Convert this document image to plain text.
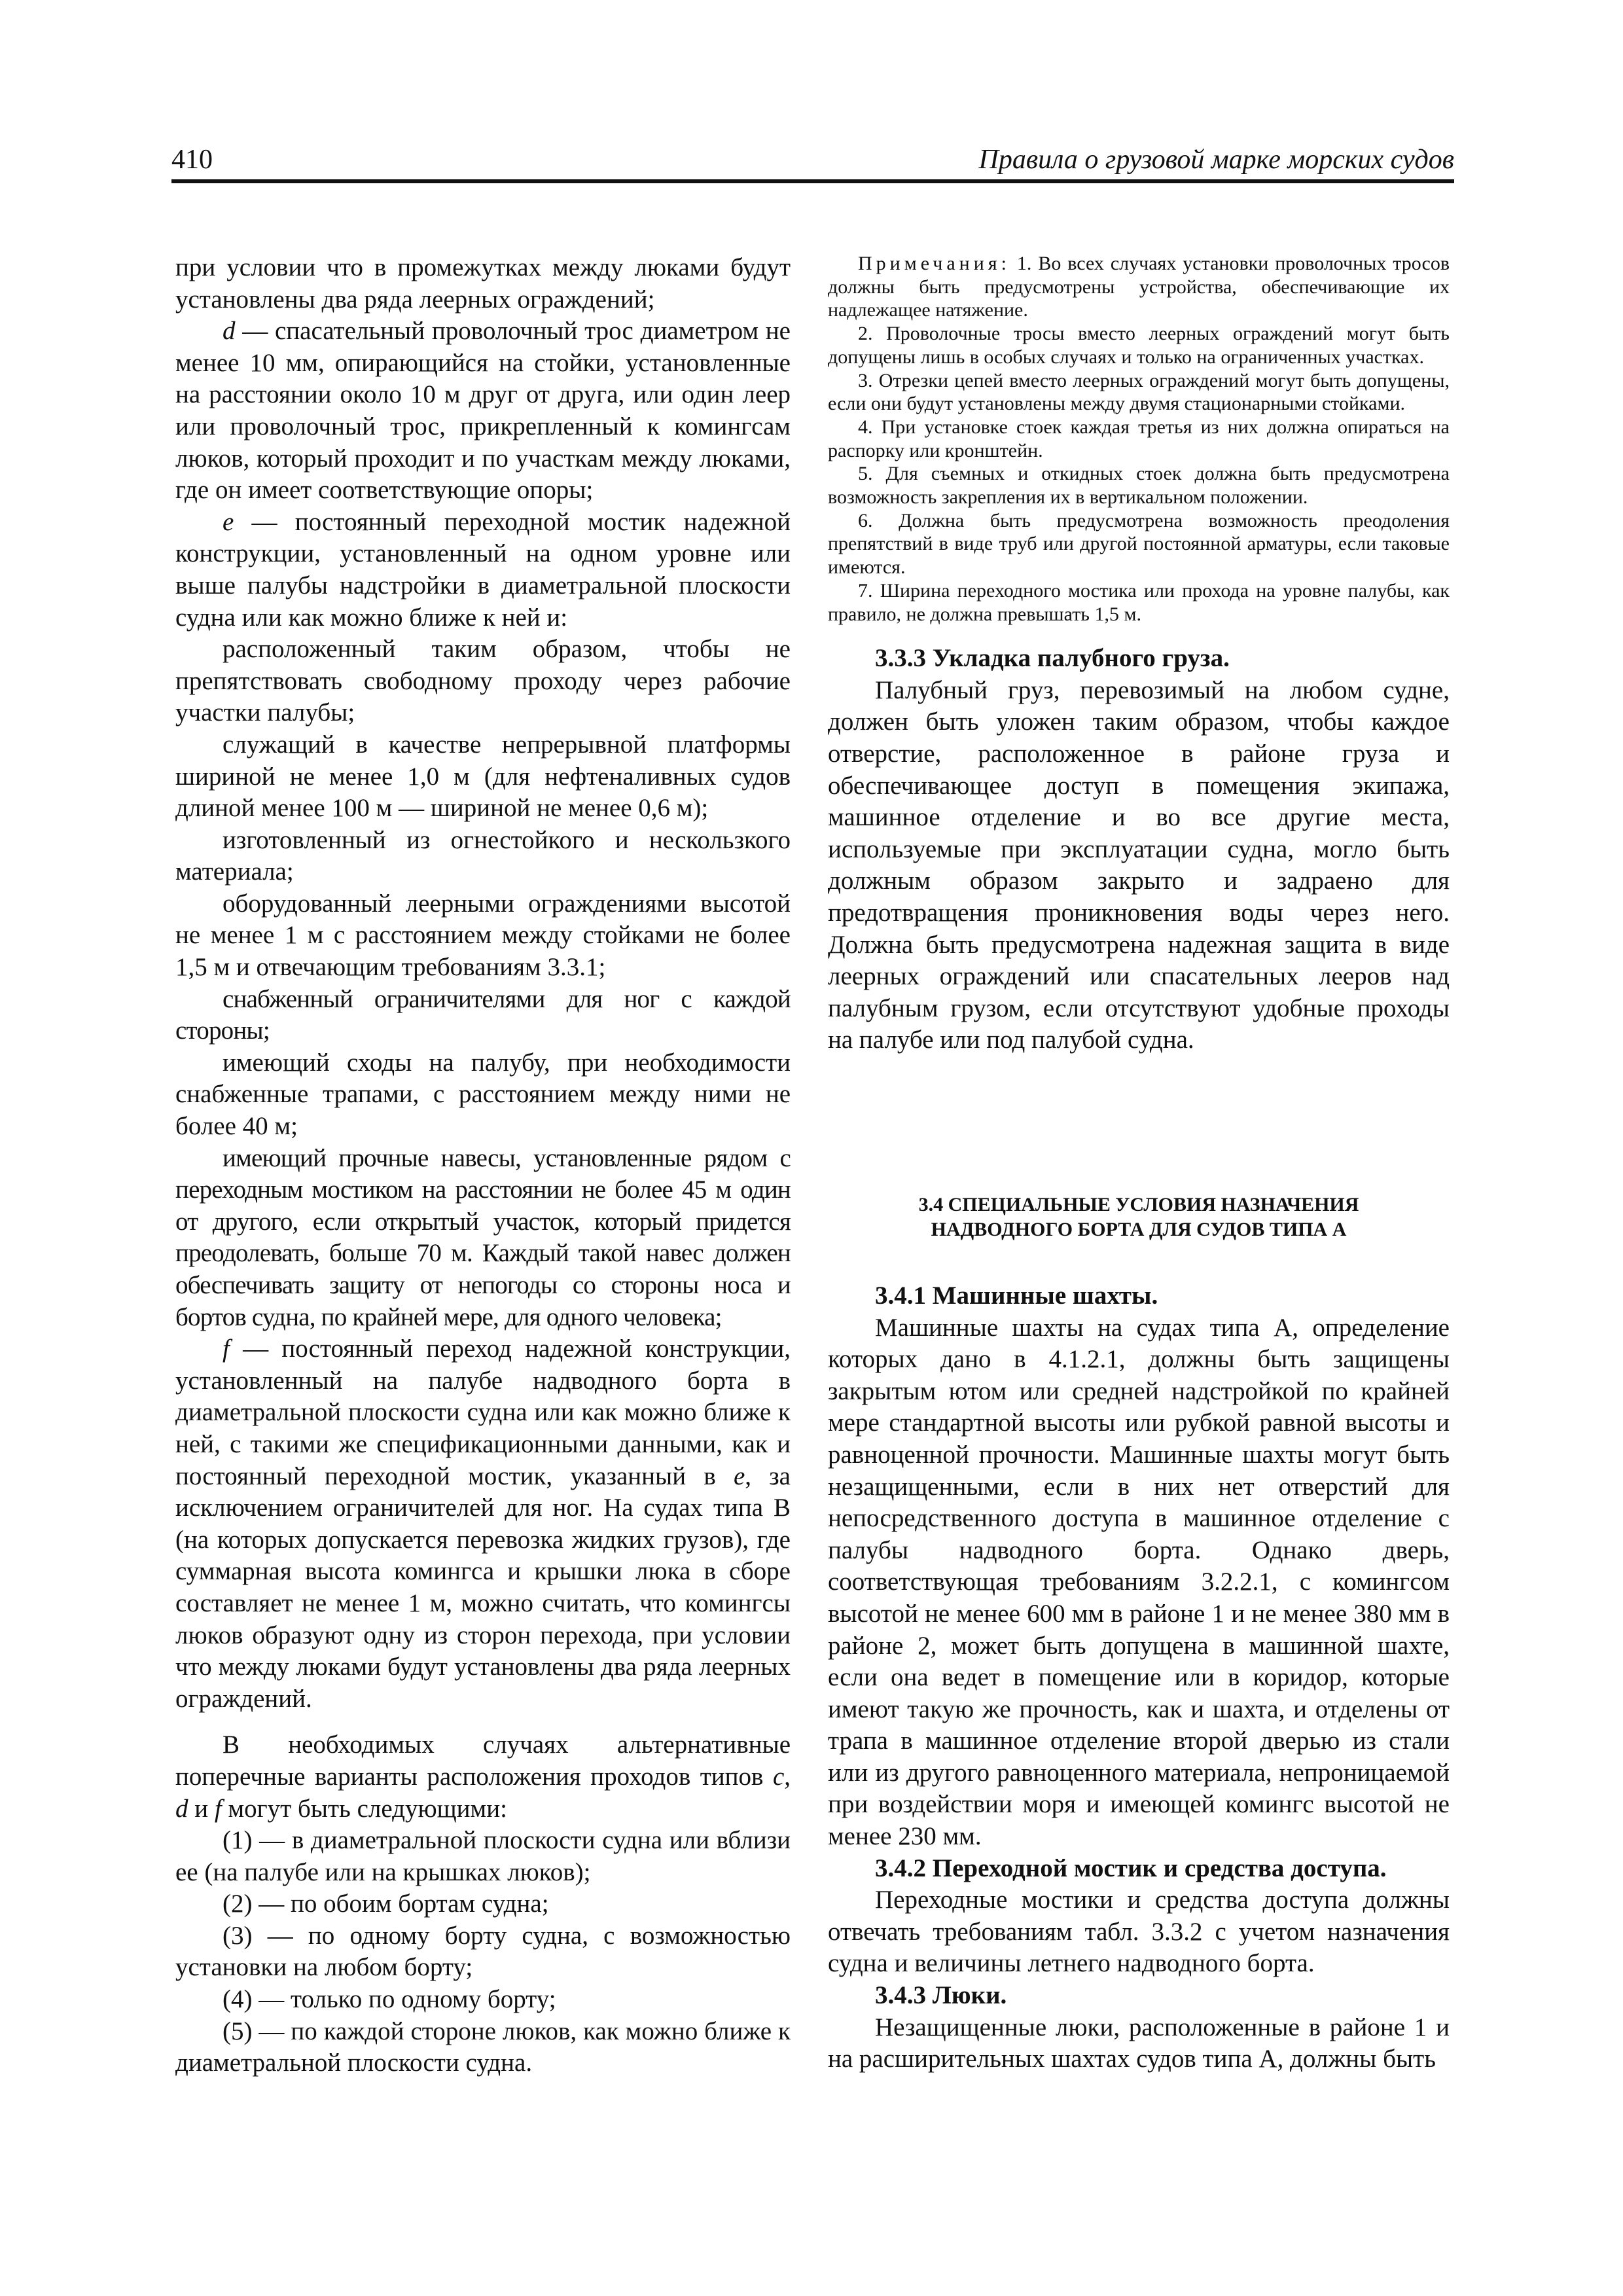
410	Правила о грузовой марке морских судов

при условии что в промежутках между люками будут установлены два ряда леерных ограждений;

d — спасательный проволочный трос диаметром не менее 10 мм, опирающийся на стойки, установленные на расстоянии около 10 м друг от друга, или один леер или проволочный трос, прикрепленный к комингсам люков, который проходит и по участкам между люками, где он имеет соответствующие опоры;

e — постоянный переходной мостик надежной конструкции, установленный на одном уровне или выше палубы надстройки в диаметральной плоскости судна или как можно ближе к ней и:

расположенный таким образом, чтобы не препятствовать свободному проходу через рабочие участки палубы;

служащий в качестве непрерывной платформы шириной не менее 1,0 м (для нефтеналивных судов длиной менее 100 м — шириной не менее 0,6 м);

изготовленный из огнестойкого и нескользкого материала;

оборудованный леерными ограждениями высотой не менее 1 м с расстоянием между стойками не более 1,5 м и отвечающим требованиям 3.3.1;

снабженный ограничителями для ног с каждой стороны;

имеющий сходы на палубу, при необходимости снабженные трапами, с расстоянием между ними не более 40 м;

имеющий прочные навесы, установленные рядом с переходным мостиком на расстоянии не более 45 м один от другого, если открытый участок, который придется преодолевать, больше 70 м. Каждый такой навес должен обеспечивать защиту от непогоды со стороны носа и бортов судна, по крайней мере, для одного человека;

f — постоянный переход надежной конструкции, установленный на палубе надводного борта в диаметральной плоскости судна или как можно ближе к ней, с такими же спецификационными данными, как и постоянный переходной мостик, указанный в e, за исключением ограничителей для ног. На судах типа B (на которых допускается перевозка жидких грузов), где суммарная высота комингса и крышки люка в сборе составляет не менее 1 м, можно считать, что комингсы люков образуют одну из сторон перехода, при условии что между люками будут установлены два ряда леерных ограждений.

В необходимых случаях альтернативные поперечные варианты расположения проходов типов c, d и f могут быть следующими:

(1) — в диаметральной плоскости судна или вблизи ее (на палубе или на крышках люков);

(2) — по обоим бортам судна;

(3) — по одному борту судна, с возможностью установки на любом борту;

(4) — только по одному борту;

(5) — по каждой стороне люков, как можно ближе к диаметральной плоскости судна.

Примечания: 1. Во всех случаях установки проволочных тросов должны быть предусмотрены устройства, обеспечивающие их надлежащее натяжение.

2. Проволочные тросы вместо леерных ограждений могут быть допущены лишь в особых случаях и только на ограниченных участках.

3. Отрезки цепей вместо леерных ограждений могут быть допущены, если они будут установлены между двумя стационарными стойками.

4. При установке стоек каждая третья из них должна опираться на распорку или кронштейн.

5. Для съемных и откидных стоек должна быть предусмотрена возможность закрепления их в вертикальном положении.

6. Должна быть предусмотрена возможность преодоления препятствий в виде труб или другой постоянной арматуры, если таковые имеются.

7. Ширина переходного мостика или прохода на уровне палубы, как правило, не должна превышать 1,5 м.

3.3.3 Укладка палубного груза.

Палубный груз, перевозимый на любом судне, должен быть уложен таким образом, чтобы каждое отверстие, расположенное в районе груза и обеспечивающее доступ в помещения экипажа, машинное отделение и во все другие места, используемые при эксплуатации судна, могло быть должным образом закрыто и задраено для предотвращения проникновения воды через него. Должна быть предусмотрена надежная защита в виде леерных ограждений или спасательных лееров над палубным грузом, если отсутствуют удобные проходы на палубе или под палубой судна.

3.4 СПЕЦИАЛЬНЫЕ УСЛОВИЯ НАЗНАЧЕНИЯ
НАДВОДНОГО БОРТА ДЛЯ СУДОВ ТИПА А

3.4.1 Машинные шахты.

Машинные шахты на судах типа A, определение которых дано в 4.1.2.1, должны быть защищены закрытым ютом или средней надстройкой по крайней мере стандартной высоты или рубкой равной высоты и равноценной прочности. Машинные шахты могут быть незащищенными, если в них нет отверстий для непосредственного доступа в машинное отделение с палубы надводного борта. Однако дверь, соответствующая требованиям 3.2.2.1, с комингсом высотой не менее 600 мм в районе 1 и не менее 380 мм в районе 2, может быть допущена в машинной шахте, если она ведет в помещение или в коридор, которые имеют такую же прочность, как и шахта, и отделены от трапа в машинное отделение второй дверью из стали или из другого равноценного материала, непроницаемой при воздействии моря и имеющей комингс высотой не менее 230 мм.

3.4.2 Переходной мостик и средства доступа.

Переходные мостики и средства доступа должны отвечать требованиям табл. 3.3.2 с учетом назначения судна и величины летнего надводного борта.

3.4.3 Люки.

Незащищенные люки, расположенные в районе 1 и на расширительных шахтах судов типа A, должны быть
